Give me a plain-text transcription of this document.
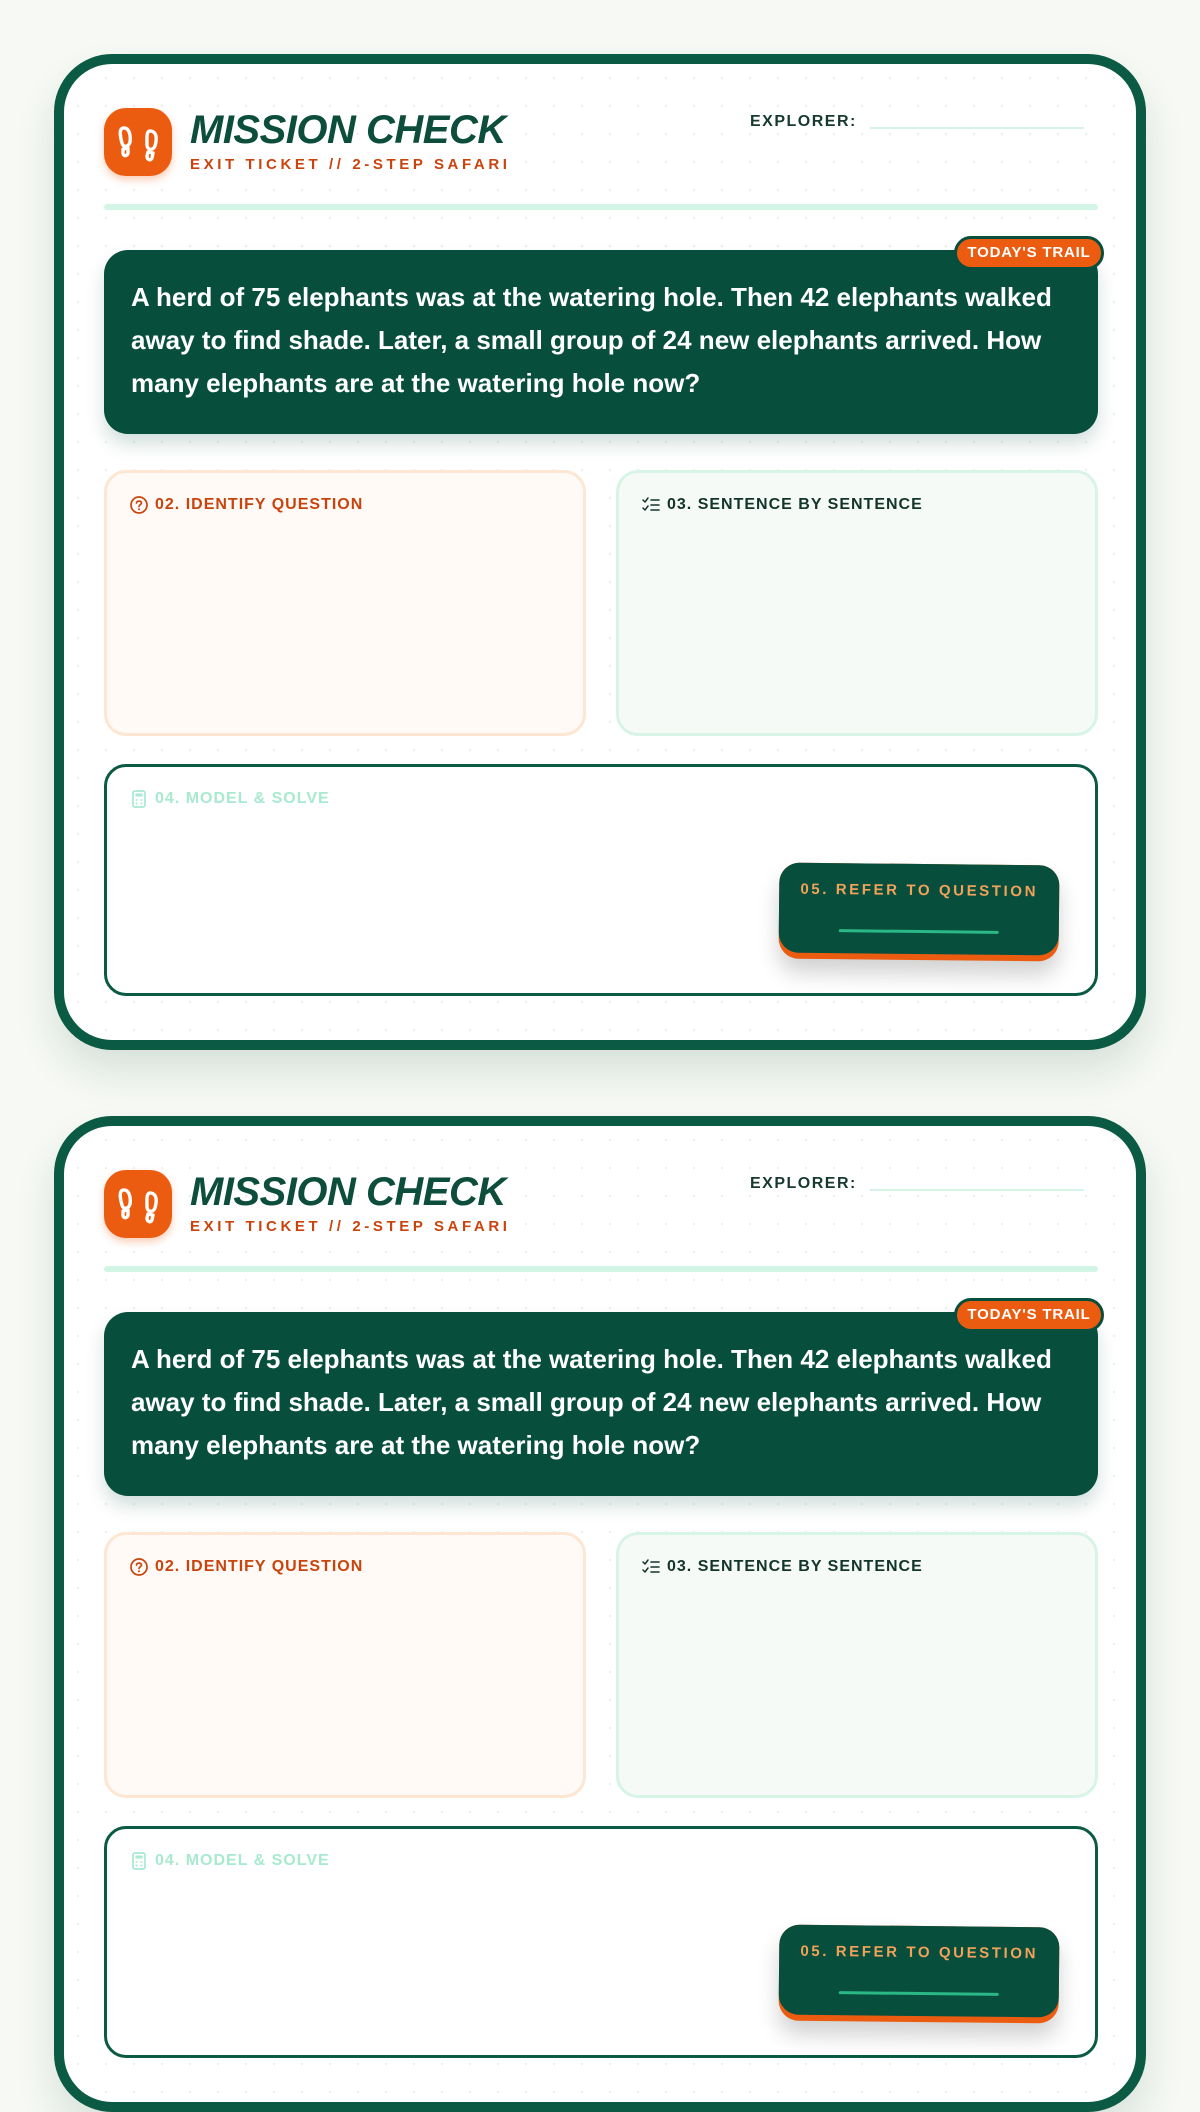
MISSION CHECK
EXIT TICKET // 2-STEP SAFARI
EXPLORER:

A herd of 75 elephants was at the watering hole. Then 42 elephants walked away to find shade. Later, a small group of 24 new elephants arrived. How many elephants are at the watering hole now?

TODAY'S TRAIL
02. IDENTIFY QUESTION	03. SENTENCE BY SENTENCE
04. MODEL & SOLVE
05. REFER TO QUESTION
MISSION CHECK
EXIT TICKET // 2-STEP SAFARI
EXPLORER:

A herd of 75 elephants was at the watering hole. Then 42 elephants walked away to find shade. Later, a small group of 24 new elephants arrived. How many elephants are at the watering hole now?

TODAY'S TRAIL
02. IDENTIFY QUESTION	03. SENTENCE BY SENTENCE
04. MODEL & SOLVE
05. REFER TO QUESTION
